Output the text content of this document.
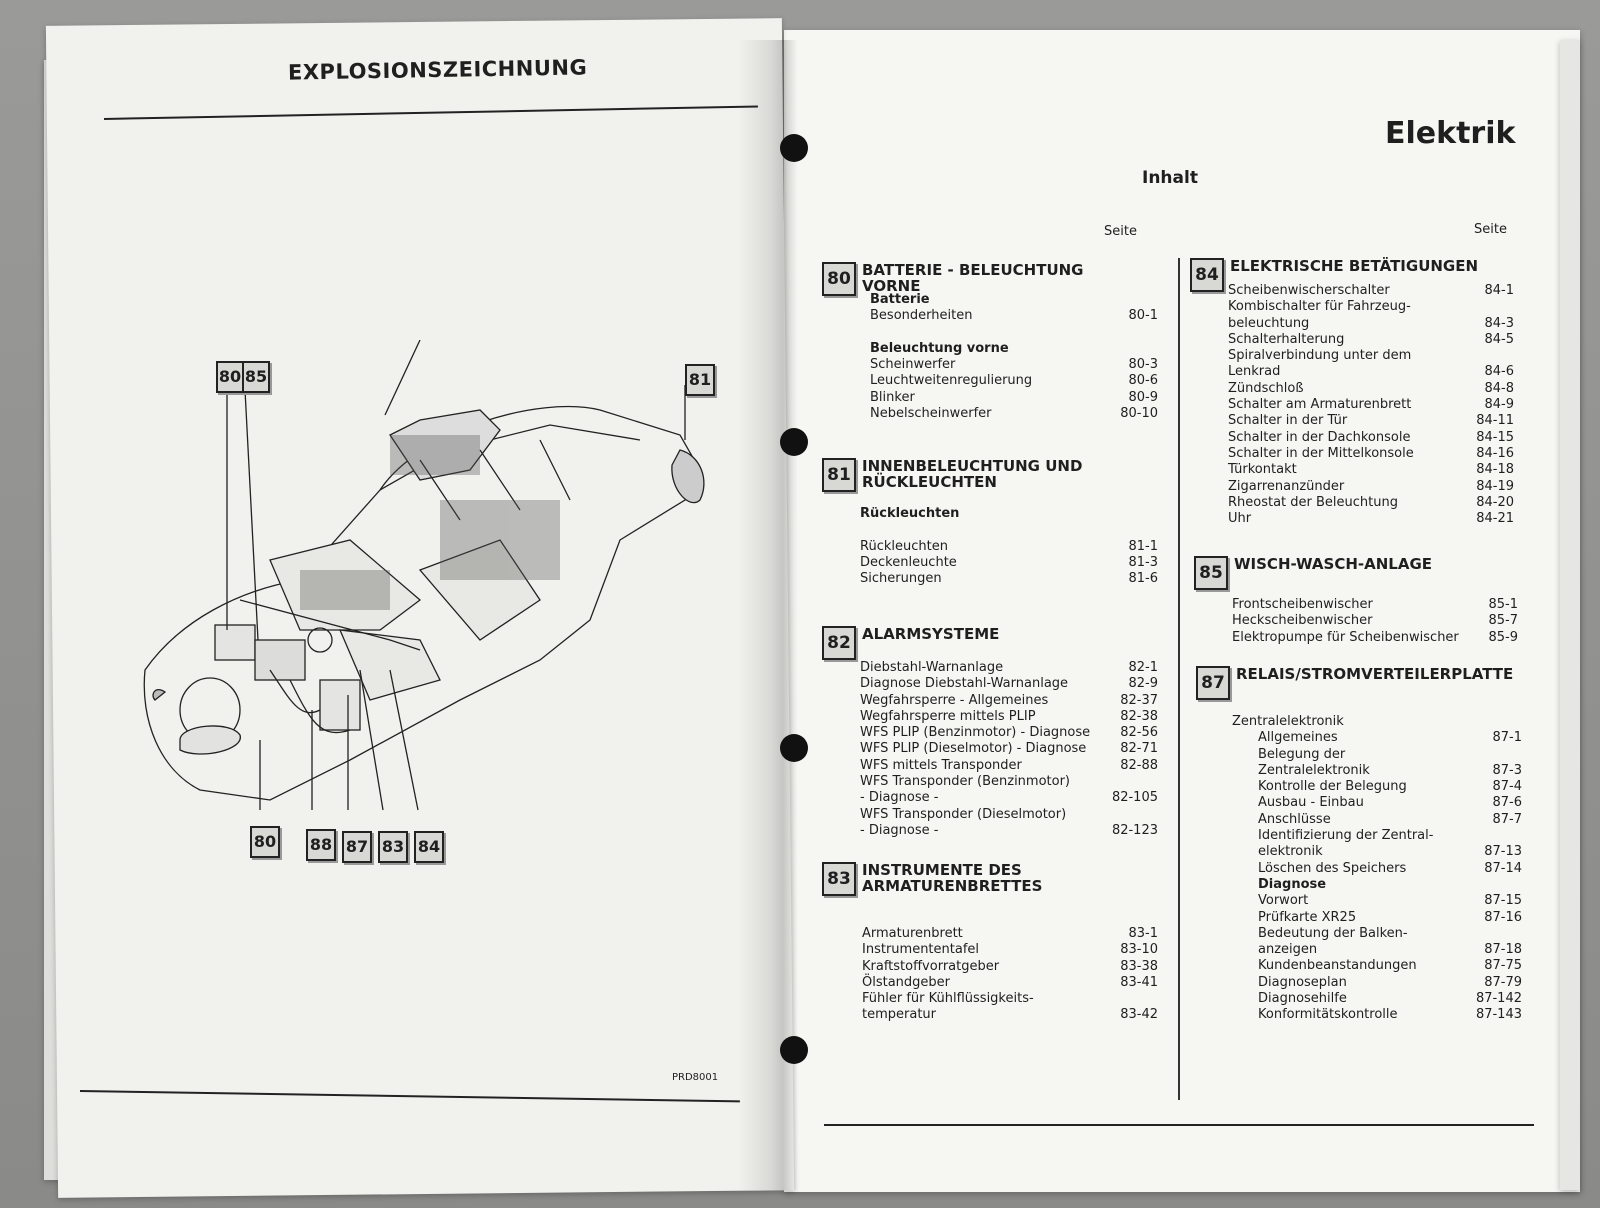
EXPLOSIONSZEICHNUNG
80 85	81
80 88 87 83 84
PRD8001
Elektrik
Inhalt
Seite	Seite
80 BATTERIE - BELEUCHTUNG VORNE
Batterie
Besonderheiten	80-1

Beleuchtung vorne
Scheinwerfer	80-3
Leuchtweitenregulierung	80-6
Blinker	80-9
Nebelscheinwerfer	80-10
81 INNENBELEUCHTUNG UND RÜCKLEUCHTEN
Rückleuchten

Rückleuchten	81-1
Deckenleuchte	81-3
Sicherungen	81-6
82 ALARMSYSTEME
Diebstahl-Warnanlage	82-1
Diagnose Diebstahl-Warnanlage	82-9
Wegfahrsperre - Allgemeines	82-37
Wegfahrsperre mittels PLIP	82-38
WFS PLIP (Benzinmotor) - Diagnose 82-56
WFS PLIP (Dieselmotor) - Diagnose	82-71
WFS mittels Transponder	82-88
WFS Transponder (Benzinmotor)
- Diagnose -	82-105
WFS Transponder (Dieselmotor)
- Diagnose -	82-123
83 INSTRUMENTE DES ARMATURENBRETTES
Armaturenbrett	83-1
Instrumententafel	83-10
Kraftstoffvorratgeber	83-38
Ölstandgeber	83-41
Fühler für Kühlflüssigkeits-
temperatur	83-42
84 ELEKTRISCHE BETÄTIGUNGEN
Scheibenwischerschalter	84-1
Kombischalter für Fahrzeug-
beleuchtung	84-3
Schalterhalterung	84-5
Spiralverbindung unter dem
Lenkrad	84-6
Zündschloß	84-8
Schalter am Armaturenbrett	84-9
Schalter in der Tür	84-11
Schalter in der Dachkonsole	84-15
Schalter in der Mittelkonsole	84-16
Türkontakt	84-18
Zigarrenanzünder	84-19
Rheostat der Beleuchtung	84-20
Uhr	84-21
85 WISCH-WASCH-ANLAGE
Frontscheibenwischer	85-1
Heckscheibenwischer	85-7
Elektropumpe für Scheibenwischer 85-9
87 RELAIS/STROMVERTEILERPLATTE
Zentralelektronik
Allgemeines	87-1
Belegung der
Zentralelektronik	87-3
Kontrolle der Belegung	87-4
Ausbau - Einbau	87-6
Anschlüsse	87-7
Identifizierung der Zentral-
elektronik	87-13
Löschen des Speichers	87-14
Diagnose
Vorwort	87-15
Prüfkarte XR25	87-16
Bedeutung der Balken-
anzeigen	87-18
Kundenbeanstandungen	87-75
Diagnoseplan	87-79
Diagnosehilfe	87-142
Konformitätskontrolle	87-143
